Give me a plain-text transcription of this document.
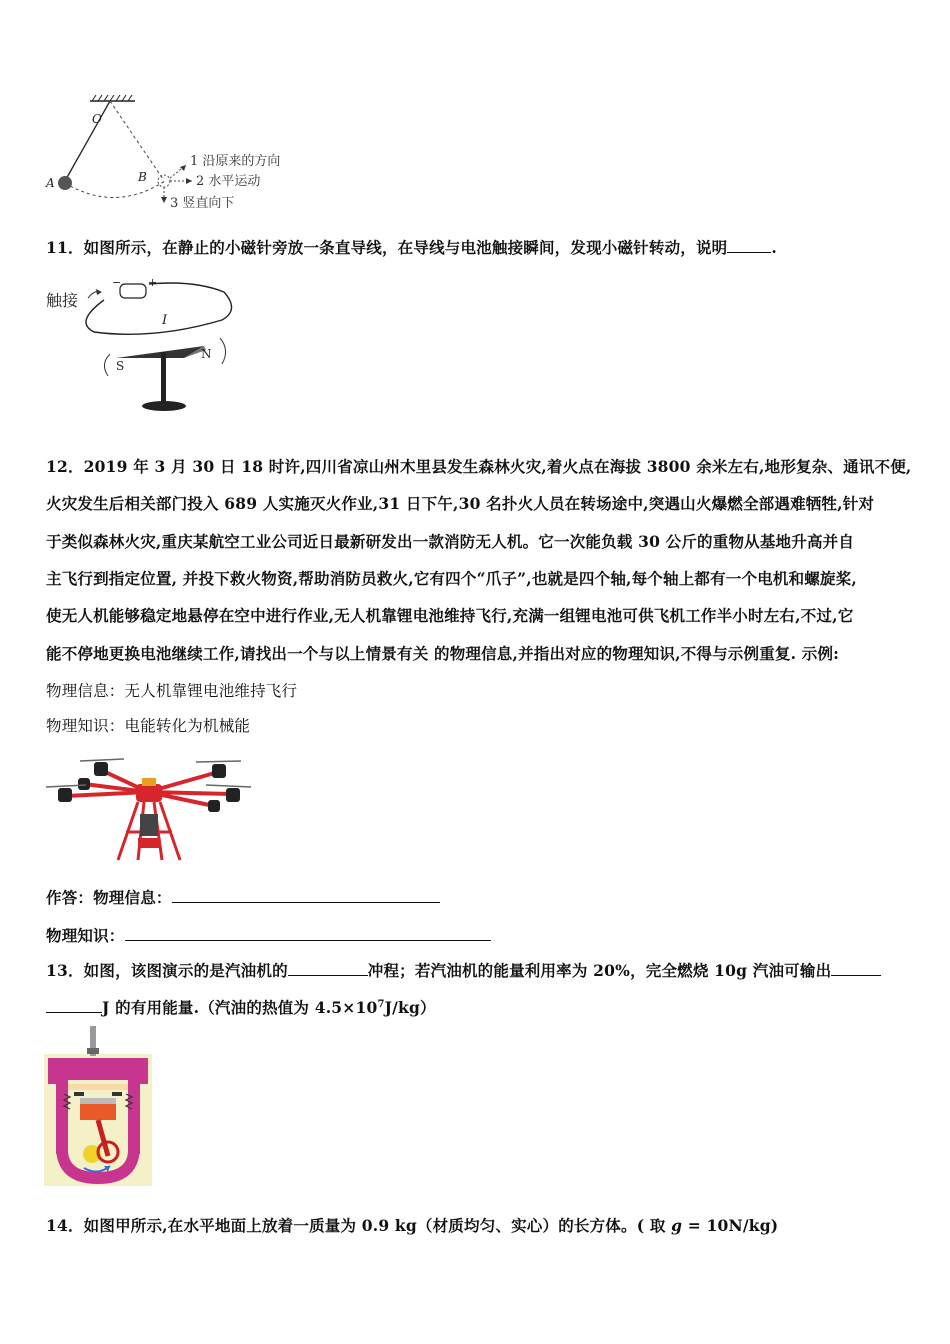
O
A	B
1 沿原来的方向
2 水平运动
3 竖直向下
11．如图所示，在静止的小磁针旁放一条直导线，在导线与电池触接瞬间，发现小磁针转动，说明	.
触接
− +
I
S
N
12．2019 年 3 月 30 日 18 时许,四川省凉山州木里县发生森林火灾,着火点在海拔 3800 余米左右,地形复杂、通讯不便,
火灾发生后相关部门投入 689 人实施灭火作业,31 日下午,30 名扑火人员在转场途中,突遇山火爆燃全部遇难牺牲,针对
于类似森林火灾,重庆某航空工业公司近日最新研发出一款消防无人机。它一次能负载 30 公斤的重物从基地升高并自
主飞行到指定位置, 并投下救火物资,帮助消防员救火,它有四个“爪子”,也就是四个轴,每个轴上都有一个电机和螺旋桨,
使无人机能够稳定地悬停在空中进行作业,无人机靠锂电池维持飞行,充满一组锂电池可供飞机工作半小时左右,不过,它
能不停地更换电池继续工作,请找出一个与以上情景有关 的物理信息,并指出对应的物理知识,不得与示例重复. 示例:
物理信息：无人机靠锂电池维持飞行
物理知识：电能转化为机械能
作答：物理信息：
物理知识：
13．如图，该图演示的是汽油机的	冲程；若汽油机的能量利用率为 20%，完全燃烧 10g 汽油可输出
J 的有用能量.（汽油的热值为 $4.5\times 10^7J/kg$）
14．如图甲所示,在水平地面上放着一质量为 0.9 kg（材质均匀、实心）的长方体。( 取 g = 10N/kg)
